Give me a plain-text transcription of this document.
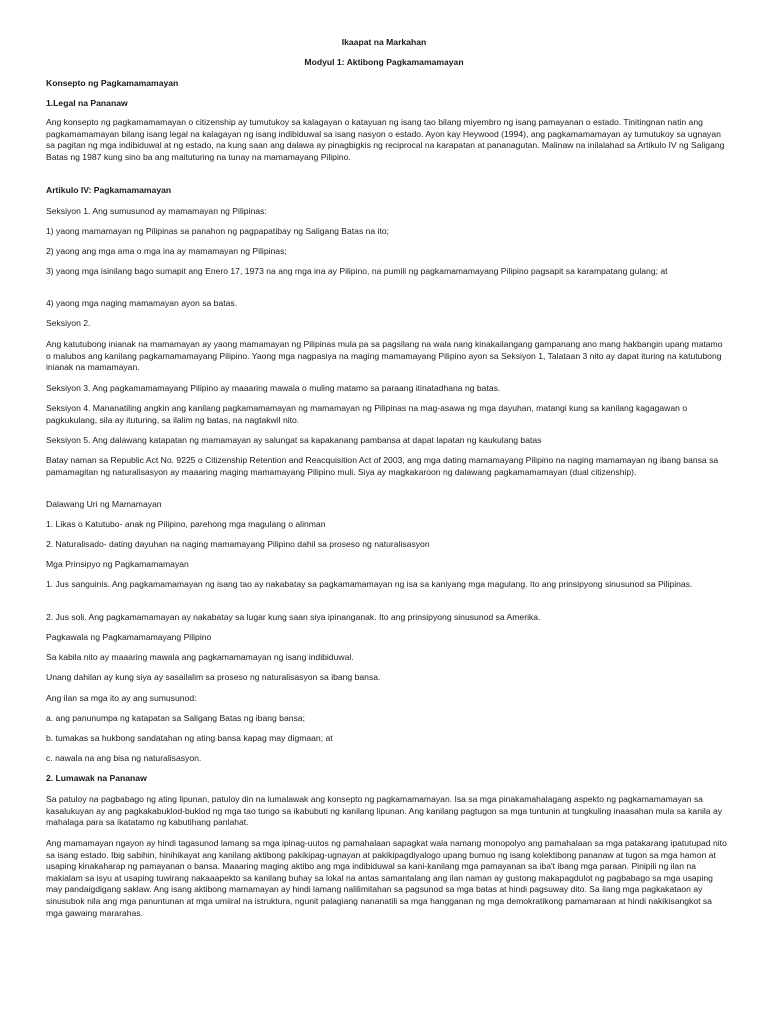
Ikaapat na Markahan
Modyul 1: Aktibong Pagkamamamayan
Konsepto ng Pagkamamamayan
1.Legal na Pananaw
Ang konsepto ng pagkamamamayan o citizenship ay tumutukoy sa kalagayan o katayuan ng isang tao bilang miyembro ng isang pamayanan o estado. Tinitingnan natin ang pagkamamamayan bilang isang legal na kalagayan ng isang indibiduwal sa isang nasyon o estado. Ayon kay Heywood (1994), ang pagkamamamayan ay tumutukoy sa ugnayan sa pagitan ng mga indibiduwal at ng estado, na kung saan ang dalawa ay pinagbigkis ng reciprocal na karapatan at pananagutan. Malinaw na inilalahad sa Artikulo IV ng Saligang Batas ng 1987 kung sino ba ang maituturing na tunay na mamamayang Pilipino.
Artikulo IV: Pagkamamamayan
Seksiyon 1. Ang sumusunod ay mamamayan ng Pilipinas:
1) yaong mamamayan ng Pilipinas sa panahon ng pagpapatibay ng Saligang Batas na ito;
2) yaong ang mga ama o mga ina ay mamamayan ng Pilipinas;
3) yaong mga isinilang bago sumapit ang Enero 17, 1973 na ang mga ina ay Pilipino, na pumili ng pagkamamamayang Pilipino pagsapit sa karampatang gulang; at
4) yaong mga naging mamamayan ayon sa batas.
Seksiyon 2.
Ang katutubong inianak na mamamayan ay yaong mamamayan ng Pilipinas mula pa sa pagsilang na wala nang kinakailangang gampanang ano mang hakbangin upang matamo o malubos ang kanilang pagkamamamayang Pilipino. Yaong mga nagpasiya na maging mamamayang Pilipino ayon sa Seksiyon 1, Talataan 3 nito ay dapat ituring na katutubong inianak na mamamayan.
Seksiyon 3. Ang pagkamamamayang Pilipino ay maaaring mawala o muling matamo sa paraang itinatadhana ng batas.
Seksiyon 4. Mananatiling angkin ang kanilang pagkamamamayan ng mamamayan ng Pilipinas na mag-asawa ng mga dayuhan, matangi kung sa kanilang kagagawan o pagkukulang, sila ay ituturing, sa ilalim ng batas, na nagtakwil nito.
Seksiyon 5. Ang dalawang katapatan ng mamamayan ay salungat sa kapakanang pambansa at dapat lapatan ng kaukulang batas
Batay naman sa Republic Act No. 9225 o Citizenship Retention and Reacquisition Act of 2003, ang mga dating mamamayang Pilipino na naging mamamayan ng ibang bansa sa pamamagitan ng naturalisasyon ay maaaring maging mamamayang Pilipino muli. Siya ay magkakaroon ng dalawang pagkamamamayan (dual citizenship).
Dalawang Uri ng Mamamayan
1. Likas o Katutubo- anak ng Pilipino, parehong mga magulang o alinman
2. Naturalisado- dating dayuhan na naging mamamayang Pilipino dahil sa proseso ng naturalisasyon
Mga Prinsipyo ng Pagkamamamayan
1. Jus sanguinis. Ang pagkamamamayan ng isang tao ay nakabatay sa pagkamamamayan ng isa sa kaniyang mga magulang. Ito ang prinsipyong sinusunod sa Pilipinas.
2. Jus soli. Ang pagkamamamayan ay nakabatay sa lugar kung saan siya ipinanganak. Ito ang prinsipyong sinusunod sa Amerika.
Pagkawala ng Pagkamamamayang Pilipino
Sa kabila nito ay maaaring mawala ang pagkamamamayan ng isang indibiduwal.
Unang dahilan ay kung siya ay sasailalim sa proseso ng naturalisasyon sa ibang bansa.
Ang ilan sa mga ito ay ang sumusunod:
a. ang panunumpa ng katapatan sa Saligang Batas ng ibang bansa;
b. tumakas sa hukbong sandatahan ng ating bansa kapag may digmaan; at
c. nawala na ang bisa ng naturalisasyon.
2. Lumawak na Pananaw
Sa patuloy na pagbabago ng ating lipunan, patuloy din na lumalawak ang konsepto ng pagkamamamayan. Isa sa mga pinakamahalagang aspekto ng pagkamamamayan sa kasalukuyan ay ang pagkakabuklod-buklod ng mga tao tungo sa ikabubuti ng kanilang lipunan. Ang kanilang pagtugon sa mga tuntunin at tungkuling inaasahan mula sa kanila ay mahalaga para sa ikatatamo ng kabutihang panlahat.
Ang mamamayan ngayon ay hindi tagasunod lamang sa mga ipinag-uutos ng pamahalaan sapagkat wala namang monopolyo ang pamahalaan sa mga patakarang ipatutupad nito sa isang estado. Ibig sabihin, hinihikayat ang kanilang aktibong pakikipag-ugnayan at pakikipagdiyalogo upang bumuo ng isang kolektibong pananaw at tugon sa mga hamon at usaping kinakaharap ng pamayanan o bansa. Maaaring maging aktibo ang mga indibiduwal sa kani-kanilang mga pamayanan sa iba't ibang mga paraan. Pinipili ng ilan na makialam sa isyu at usaping tuwirang nakaaapekto sa kanilang buhay sa lokal na antas samantalang ang ilan naman ay gustong makapagdulot ng pagbabago sa mga usaping may pandaigdigang saklaw. Ang isang aktibong mamamayan ay hindi lamang nalilimitahan sa pagsunod sa mga batas at hindi pagsuway dito. Sa ilang mga pagkakataon ay sinusubok nila ang mga panuntunan at mga umiiral na istruktura, ngunit palagiang nananatili sa mga hangganan ng mga demokratikong pamamaraan at hindi nakikisangkot sa mga gawaing mararahas.
